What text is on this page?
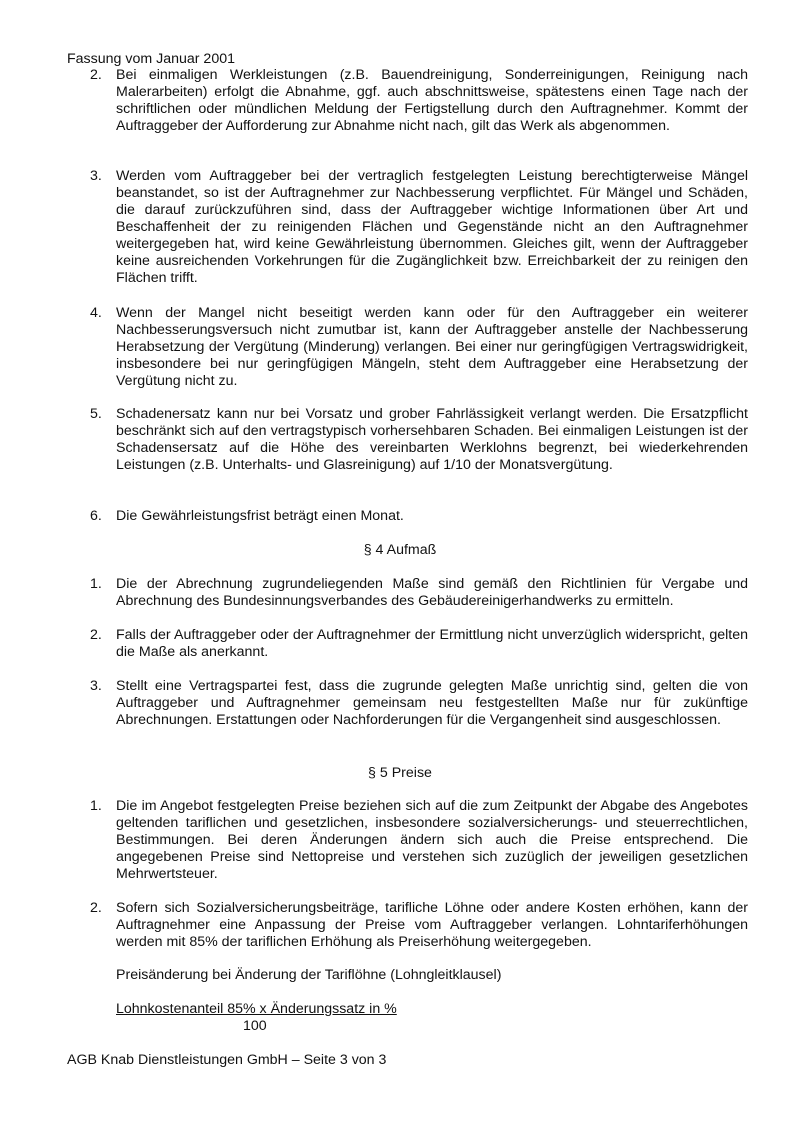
Fassung vom Januar 2001

2. Bei einmaligen Werkleistungen (z.B. Bauendreinigung, Sonderreinigungen, Reinigung nach Malerarbeiten) erfolgt die Abnahme, ggf. auch abschnittsweise, spätestens einen Tage nach der schriftlichen oder mündlichen Meldung der Fertigstellung durch den Auftragnehmer. Kommt der Auftraggeber der Aufforderung zur Abnahme nicht nach, gilt das Werk als abgenommen.
3. Werden vom Auftraggeber bei der vertraglich festgelegten Leistung berechtigterweise Mängel beanstandet, so ist der Auftragnehmer zur Nachbesserung verpflichtet. Für Mängel und Schäden, die darauf zurückzuführen sind, dass der Auftraggeber wichtige Informationen über Art und Beschaffenheit der zu reinigenden Flächen und Gegenstände nicht an den Auftragnehmer weitergegeben hat, wird keine Gewährleistung übernommen. Gleiches gilt, wenn der Auftraggeber keine ausreichenden Vorkehrungen für die Zugänglichkeit bzw. Erreichbarkeit der zu reinigen den Flächen trifft.
4. Wenn der Mangel nicht beseitigt werden kann oder für den Auftraggeber ein weiterer Nachbesserungsversuch nicht zumutbar ist, kann der Auftraggeber anstelle der Nachbesserung Herabsetzung der Vergütung (Minderung) verlangen. Bei einer nur geringfügigen Vertragswidrigkeit, insbesondere bei nur geringfügigen Mängeln, steht dem Auftraggeber eine Herabsetzung der Vergütung nicht zu.
5. Schadenersatz kann nur bei Vorsatz und grober Fahrlässigkeit verlangt werden. Die Ersatzpflicht beschränkt sich auf den vertragstypisch vorhersehbaren Schaden. Bei einmaligen Leistungen ist der Schadensersatz auf die Höhe des vereinbarten Werklohns begrenzt, bei wiederkehrenden Leistungen (z.B. Unterhalts- und Glasreinigung) auf 1/10 der Monatsvergütung.
6. Die Gewährleistungsfrist beträgt einen Monat.

§ 4 Aufmaß

1. Die der Abrechnung zugrundeliegenden Maße sind gemäß den Richtlinien für Vergabe und Abrechnung des Bundesinnungsverbandes des Gebäudereinigerhandwerks zu ermitteln.
2. Falls der Auftraggeber oder der Auftragnehmer der Ermittlung nicht unverzüglich widerspricht, gelten die Maße als anerkannt.
3. Stellt eine Vertragspartei fest, dass die zugrunde gelegten Maße unrichtig sind, gelten die von Auftraggeber und Auftragnehmer gemeinsam neu festgestellten Maße nur für zukünftige Abrechnungen. Erstattungen oder Nachforderungen für die Vergangenheit sind ausgeschlossen.

§ 5 Preise

1. Die im Angebot festgelegten Preise beziehen sich auf die zum Zeitpunkt der Abgabe des Angebotes geltenden tariflichen und gesetzlichen, insbesondere sozialversicherungs- und steuerrechtlichen, Bestimmungen. Bei deren Änderungen ändern sich auch die Preise entsprechend. Die angegebenen Preise sind Nettopreise und verstehen sich zuzüglich der jeweiligen gesetzlichen Mehrwertsteuer.
2. Sofern sich Sozialversicherungsbeiträge, tarifliche Löhne oder andere Kosten erhöhen, kann der Auftragnehmer eine Anpassung der Preise vom Auftraggeber verlangen. Lohntariferhöhungen werden mit 85% der tariflichen Erhöhung als Preiserhöhung weitergegeben.

Preisänderung bei Änderung der Tariflöhne (Lohngleitklausel)

Lohnkostenanteil 85% x Änderungssatz in %
100

AGB Knab Dienstleistungen GmbH – Seite 3 von 3
